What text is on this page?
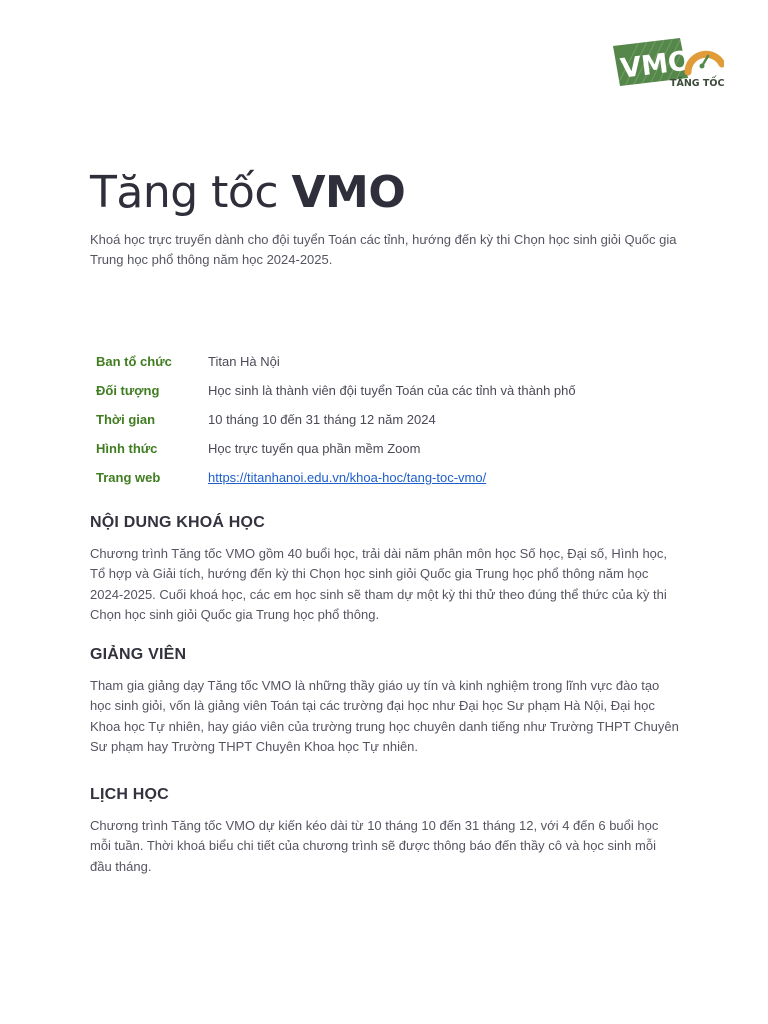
VMO
TĂNG TỐC
Tăng tốc VMO

Khoá học trực truyến dành cho đội tuyển Toán các tỉnh, hướng đến kỳ thi Chọn học sinh giỏi Quốc gia Trung học phổ thông năm học 2024-2025.

Ban tổ chức	Titan Hà Nội
Đối tượng	Học sinh là thành viên đội tuyển Toán của các tỉnh và thành phố
Thời gian	10 tháng 10 đến 31 tháng 12 năm 2024
Hình thức	Học trực tuyến qua phần mềm Zoom
Trang web	https://titanhanoi.edu.vn/khoa-hoc/tang-toc-vmo/
NỘI DUNG KHOÁ HỌC

Chương trình Tăng tốc VMO gồm 40 buổi học, trải dài năm phân môn học Số học, Đại số, Hình học, Tổ hợp và Giải tích, hướng đến kỳ thi Chọn học sinh giỏi Quốc gia Trung học phổ thông năm học 2024-2025. Cuối khoá học, các em học sinh sẽ tham dự một kỳ thi thử theo đúng thể thức của kỳ thi Chọn học sinh giỏi Quốc gia Trung học phổ thông.

GIẢNG VIÊN

Tham gia giảng dạy Tăng tốc VMO là những thầy giáo uy tín và kinh nghiệm trong lĩnh vực đào tạo học sinh giỏi, vốn là giảng viên Toán tại các trường đại học như Đại học Sư phạm Hà Nội, Đại học Khoa học Tự nhiên, hay giáo viên của trường trung học chuyên danh tiếng như Trường THPT Chuyên Sư phạm hay Trường THPT Chuyên Khoa học Tự nhiên.

LỊCH HỌC

Chương trình Tăng tốc VMO dự kiến kéo dài từ 10 tháng 10 đến 31 tháng 12, với 4 đến 6 buổi học mỗi tuần. Thời khoá biểu chi tiết của chương trình sẽ được thông báo đến thầy cô và học sinh mỗi đầu tháng.
